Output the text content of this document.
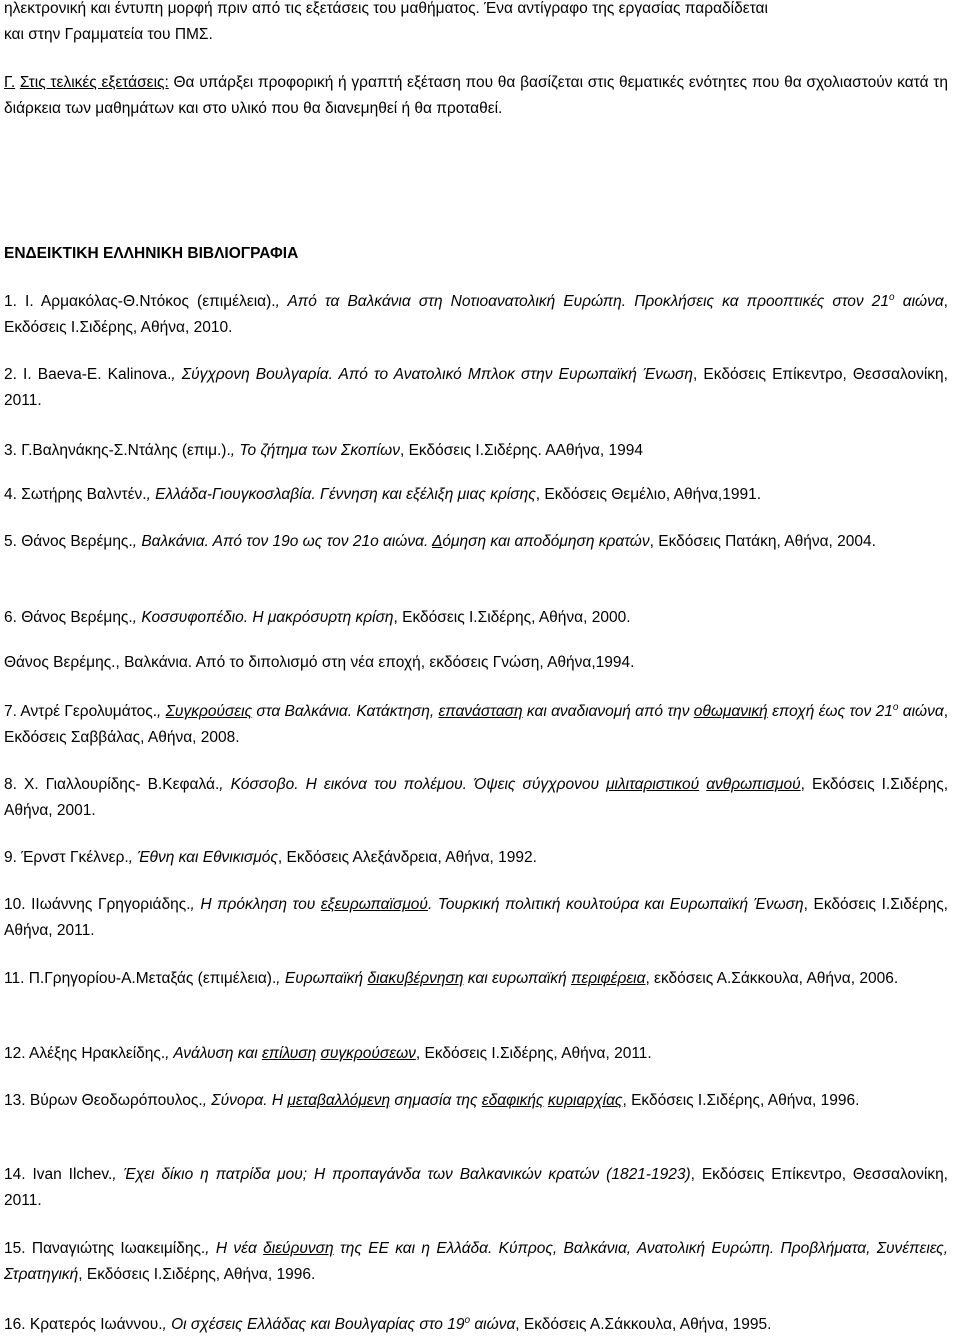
ηλεκτρονική και έντυπη μορφή πριν από τις εξετάσεις του μαθήματος. Ένα αντίγραφο της εργασίας παραδίδεται

και στην Γραμματεία του ΠΜΣ.

Γ. Στις τελικές εξετάσεις: Θα υπάρξει προφορική ή γραπτή εξέταση που θα βασίζεται στις θεματικές ενότητες που θα σχολιαστούν κατά τη διάρκεια των μαθημάτων και στο υλικό που θα διανεμηθεί ή θα προταθεί.

ΕΝΔΕΙΚΤΙΚΗ ΕΛΛΗΝΙΚΗ ΒΙΒΛΙΟΓΡΑΦΙΑ

1. Ι. Αρμακόλας-Θ.Ντόκος (επιμέλεια)., Από τα Βαλκάνια στη Νοτιοανατολική Ευρώπη. Προκλήσεις κα προοπτικές στον $21^o$ αιώνα, Εκδόσεις Ι.Σιδέρης, Αθήνα, 2010.

2. I. Baeva-E. Kalinova., Σύγχρονη Βουλγαρία. Από το Ανατολικό Μπλοκ στην Ευρωπαϊκή Ένωση, Εκδόσεις Επίκεντρο, Θεσσαλονίκη, 2011.

3. Γ.Βαληνάκης-Σ.Ντάλης (επιμ.)., Το ζήτημα των Σκοπίων, Εκδόσεις Ι.Σιδέρης. ΑΑθήνα, 1994

4. Σωτήρης Βαλντέν., Ελλάδα-Γιουγκοσλαβία. Γέννηση και εξέλιξη μιας κρίσης, Εκδόσεις Θεμέλιο, Αθήνα,1991.

5. Θάνος Βερέμης., Βαλκάνια. Από τον 19ο ως τον 21ο αιώνα. Δόμηση και αποδόμηση κρατών, Εκδόσεις Πατάκη, Αθήνα, 2004.

6. Θάνος Βερέμης., Κοσσυφοπέδιο. Η μακρόσυρτη κρίση, Εκδόσεις Ι.Σιδέρης, Αθήνα, 2000.

Θάνος Βερέμης., Βαλκάνια. Από το διπολισμό στη νέα εποχή, εκδόσεις Γνώση, Αθήνα,1994.

7. Αντρέ Γερολυμάτος., Συγκρούσεις στα Βαλκάνια. Κατάκτηση, επανάσταση και αναδιανομή από την οθωμανική εποχή έως τον $21^o$ αιώνα, Εκδόσεις Σαββάλας, Αθήνα, 2008.

8. Χ. Γιαλλουρίδης- Β.Κεφαλά., Κόσσοβο. Η εικόνα του πολέμου. Όψεις σύγχρονου μιλιταριστικού ανθρωπισμού, Εκδόσεις Ι.Σιδέρης, Αθήνα, 2001.

9. Έρνστ Γκέλνερ., Έθνη και Εθνικισμός, Εκδόσεις Αλεξάνδρεια, Αθήνα, 1992.

10. ΙΙωάννης Γρηγοριάδης., Η πρόκληση του εξευρωπαϊσμού. Τουρκική πολιτική κουλτούρα και Ευρωπαϊκή Ένωση, Εκδόσεις Ι.Σιδέρης, Αθήνα, 2011.

11. Π.Γρηγορίου-Α.Μεταξάς (επιμέλεια)., Ευρωπαϊκή διακυβέρνηση και ευρωπαϊκή περιφέρεια, εκδόσεις Α.Σάκκουλα, Αθήνα, 2006.

12. Αλέξης Ηρακλείδης., Ανάλυση και επίλυση συγκρούσεων, Εκδόσεις Ι.Σιδέρης, Αθήνα, 2011.

13. Βύρων Θεοδωρόπουλος., Σύνορα. Η μεταβαλλόμενη σημασία της εδαφικής κυριαρχίας, Εκδόσεις Ι.Σιδέρης, Αθήνα, 1996.

14. Ivan Ilchev., Έχει δίκιο η πατρίδα μου; Η προπαγάνδα των Βαλκανικών κρατών (1821-1923), Εκδόσεις Επίκεντρο, Θεσσαλονίκη, 2011.

15. Παναγιώτης Ιωακειμίδης., Η νέα διεύρυνση της ΕΕ και η Ελλάδα. Κύπρος, Βαλκάνια, Ανατολική Ευρώπη. Προβλήματα, Συνέπειες, Στρατηγική, Εκδόσεις Ι.Σιδέρης, Αθήνα, 1996.

16. Κρατερός Ιωάννου., Οι σχέσεις Ελλάδας και Βουλγαρίας στο $19^o$ αιώνα, Εκδόσεις Α.Σάκκουλα, Αθήνα, 1995.
